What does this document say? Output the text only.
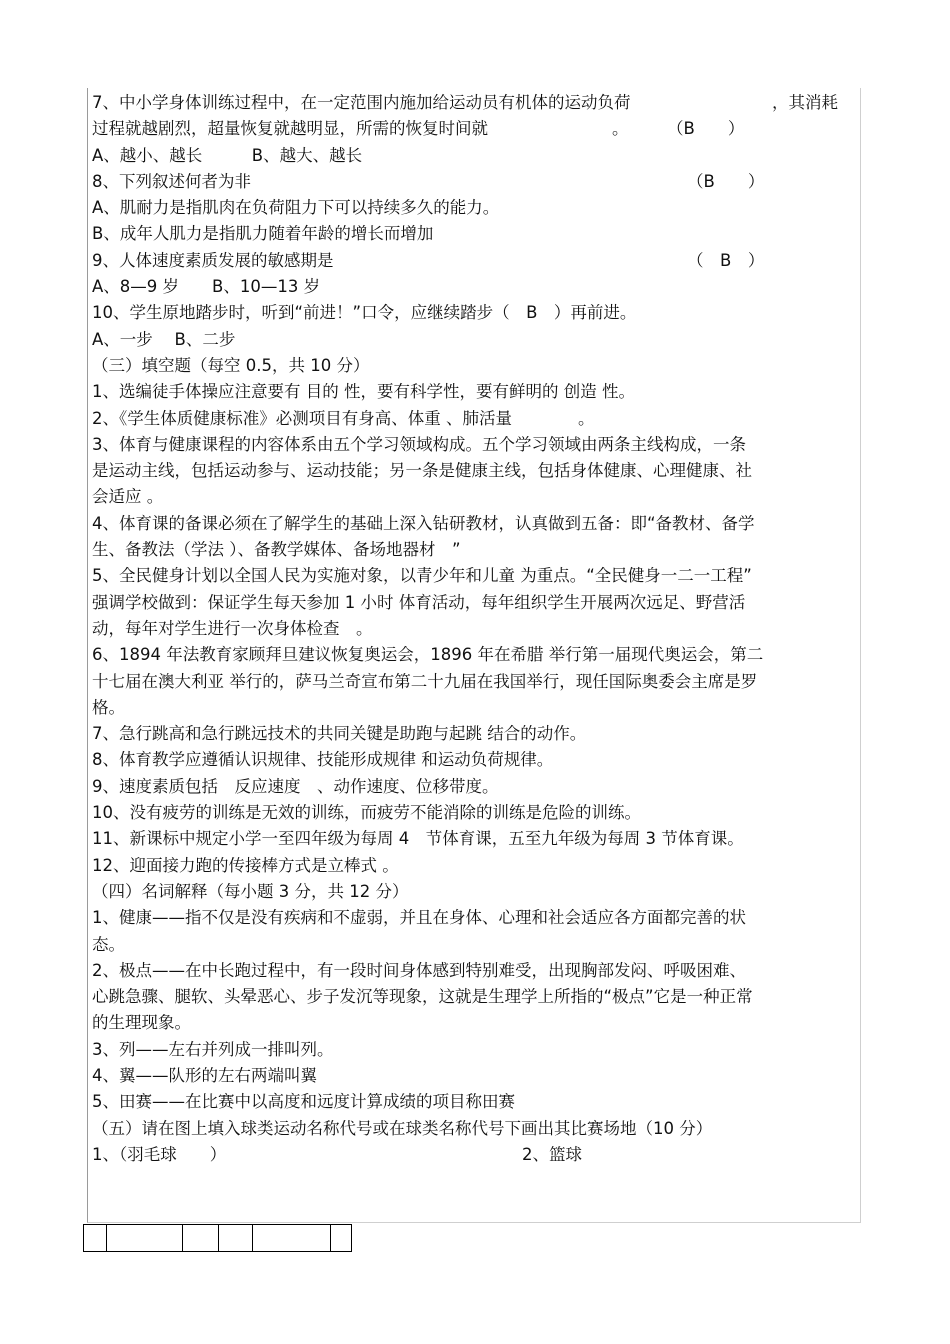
7、中小学身体训练过程中，在一定范围内施加给运动员有机体的运动负荷	，其消耗
过程就越剧烈，超量恢复就越明显，所需的恢复时间就	。 （B　　）
A、越小、越长　　　B、越大、越长
8、下列叙述何者为非	（B　　）
A、肌耐力是指肌肉在负荷阻力下可以持续多久的能力。
B、成年人肌力是指肌力随着年龄的增长而增加
9、人体速度素质发展的敏感期是	（　B　）
A、8—9 岁　　B、10—13 岁
10、学生原地踏步时，听到“前进！”口令，应继续踏步（　B　）再前进。
A、一步　 B、二步
（三）填空题（每空 0.5，共 10 分）
1、选编徒手体操应注意要有 目的 性，要有科学性，要有鲜明的 创造 性。
2、《学生体质健康标准》必测项目有身高、体重 、肺活量　　　　。
3、体育与健康课程的内容体系由五个学习领域构成。五个学习领域由两条主线构成，一条
是运动主线，包括运动参与、运动技能；另一条是健康主线，包括身体健康、心理健康、社
会适应 。
4、体育课的备课必须在了解学生的基础上深入钻研教材，认真做到五备：即“备教材、备学
生、备教法（学法 ）、备教学媒体、备场地器材　”
5、全民健身计划以全国人民为实施对象，以青少年和儿童 为重点。“全民健身一二一工程”
强调学校做到：保证学生每天参加 1 小时 体育活动，每年组织学生开展两次远足、野营活
动，每年对学生进行一次身体检查　。
6、1894 年法教育家顾拜旦建议恢复奥运会，1896 年在希腊 举行第一届现代奥运会，第二
十七届在澳大利亚 举行的，萨马兰奇宣布第二十九届在我国举行，现任国际奥委会主席是罗
格。
7、急行跳高和急行跳远技术的共同关键是助跑与起跳 结合的动作。
8、体育教学应遵循认识规律、技能形成规律 和运动负荷规律。
9、速度素质包括　反应速度　、动作速度、位移带度。
10、没有疲劳的训练是无效的训练，而疲劳不能消除的训练是危险的训练。
11、新课标中规定小学一至四年级为每周 4　节体育课，五至九年级为每周 3 节体育课。
12、迎面接力跑的传接棒方式是立棒式 。
（四）名词解释（每小题 3 分，共 12 分）
1、健康——指不仅是没有疾病和不虚弱，并且在身体、心理和社会适应各方面都完善的状
态。
2、极点——在中长跑过程中，有一段时间身体感到特别难受，出现胸部发闷、呼吸困难、
心跳急骤、腿软、头晕恶心、步子发沉等现象，这就是生理学上所指的“极点”它是一种正常
的生理现象。
3、列——左右并列成一排叫列。
4、翼——队形的左右两端叫翼
5、田赛——在比赛中以高度和远度计算成绩的项目称田赛
（五）请在图上填入球类运动名称代号或在球类名称代号下画出其比赛场地（10 分）
1、（羽毛球　　）	2、篮球
